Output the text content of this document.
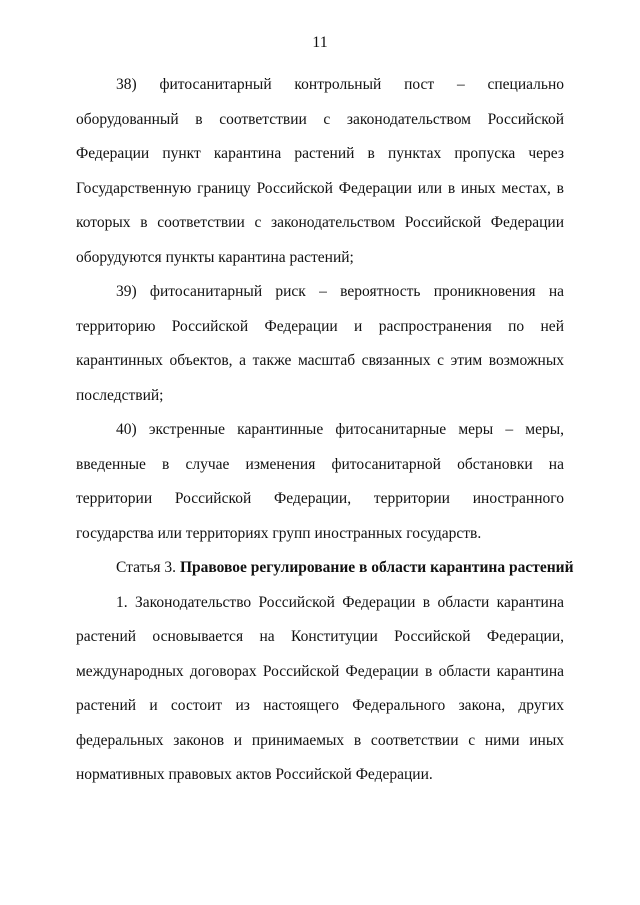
11

38) фитосанитарный контрольный пост – специально оборудованный в соответствии с законодательством Российской Федерации пункт карантина растений в пунктах пропуска через Государственную границу Российской Федерации или в иных местах, в которых в соответствии с законодательством Российской Федерации оборудуются пункты карантина растений;

39) фитосанитарный риск – вероятность проникновения на территорию Российской Федерации и распространения по ней карантинных объектов, а также масштаб связанных с этим возможных последствий;

40) экстренные карантинные фитосанитарные меры – меры, введенные в случае изменения фитосанитарной обстановки на территории Российской Федерации, территории иностранного государства или территориях групп иностранных государств.

Статья 3. Правовое регулирование в области карантина растений

1. Законодательство Российской Федерации в области карантина растений основывается на Конституции Российской Федерации, международных договорах Российской Федерации в области карантина растений и состоит из настоящего Федерального закона, других федеральных законов и принимаемых в соответствии с ними иных нормативных правовых актов Российской Федерации.
